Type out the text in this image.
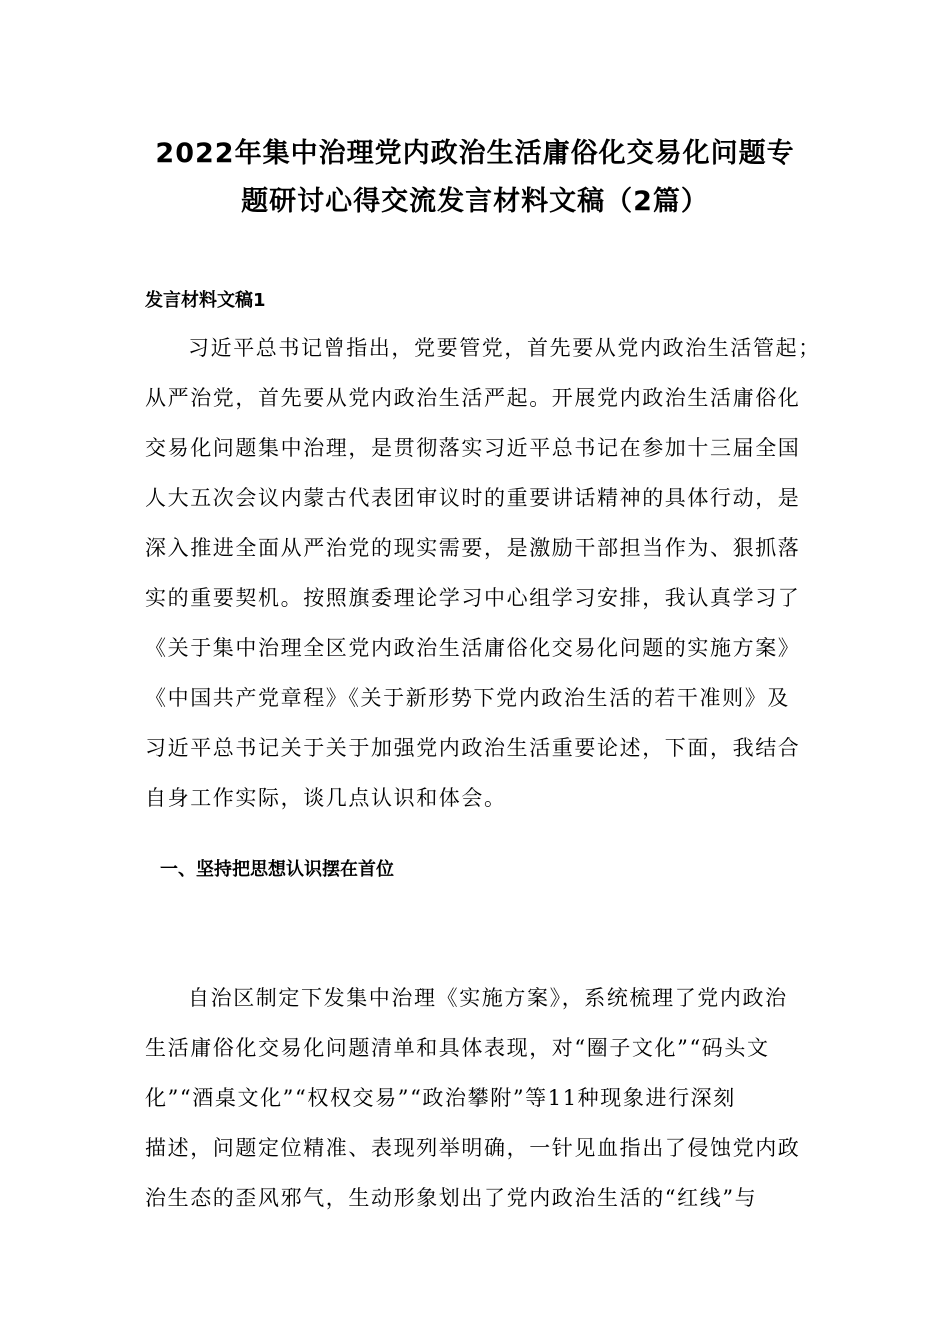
2022年集中治理党内政治生活庸俗化交易化问题专
题研讨心得交流发言材料文稿（2篇）
发言材料文稿1
习近平总书记曾指出，党要管党，首先要从党内政治生活管起；
从严治党，首先要从党内政治生活严起。开展党内政治生活庸俗化
交易化问题集中治理，是贯彻落实习近平总书记在参加十三届全国
人大五次会议内蒙古代表团审议时的重要讲话精神的具体行动，是
深入推进全面从严治党的现实需要，是激励干部担当作为、狠抓落
实的重要契机。按照旗委理论学习中心组学习安排，我认真学习了
《关于集中治理全区党内政治生活庸俗化交易化问题的实施方案》
《中国共产党章程》《关于新形势下党内政治生活的若干准则》及
习近平总书记关于关于加强党内政治生活重要论述，下面，我结合
自身工作实际，谈几点认识和体会。
一、坚持把思想认识摆在首位
自治区制定下发集中治理《实施方案》，系统梳理了党内政治
生活庸俗化交易化问题清单和具体表现，对“圈子文化”“码头文
化”“酒桌文化”“权权交易”“政治攀附”等11种现象进行深刻
描述，问题定位精准、表现列举明确，一针见血指出了侵蚀党内政
治生态的歪风邪气，生动形象划出了党内政治生活的“红线”与
